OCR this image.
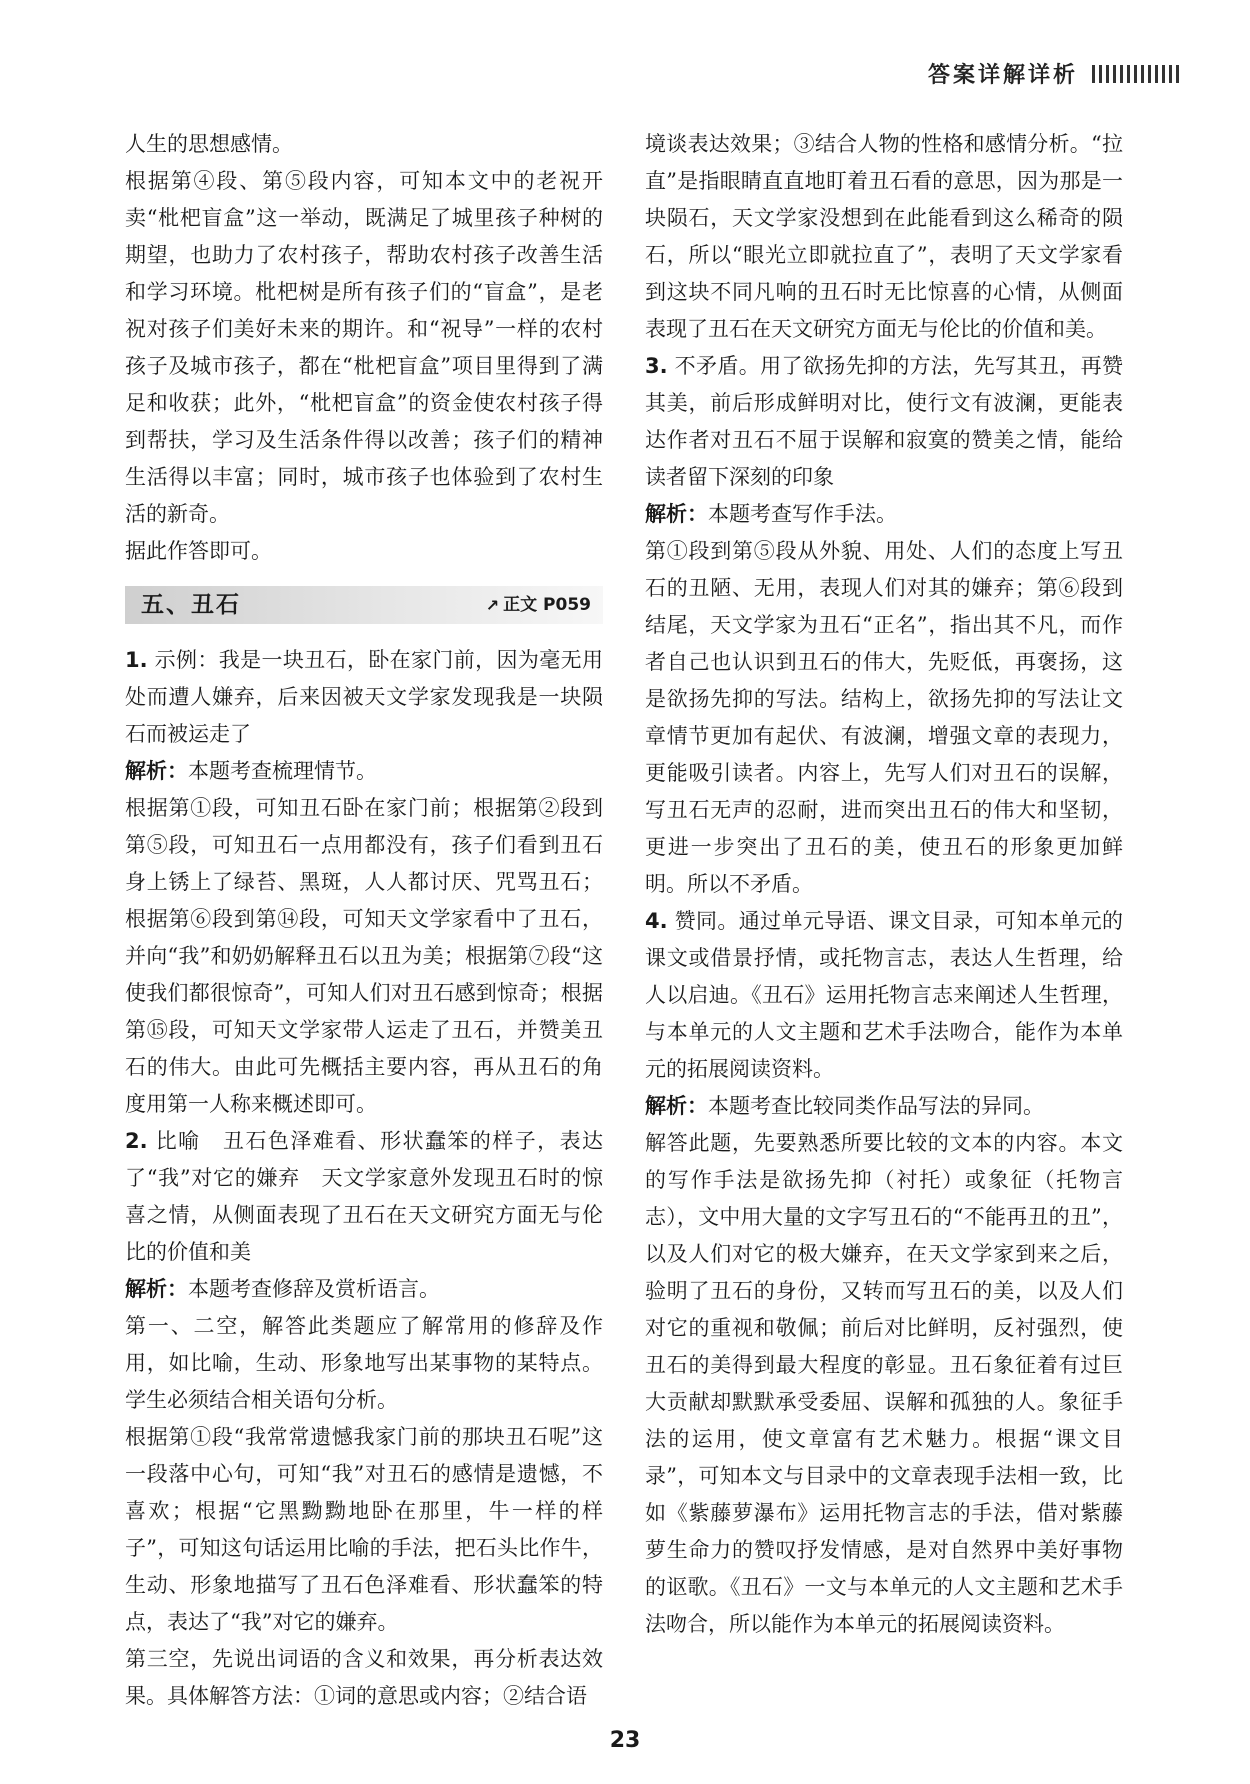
答案详解详析

人生的思想感情。

根据第④段、第⑤段内容，可知本文中的老祝开卖“枇杷盲盒”这一举动，既满足了城里孩子种树的期望，也助力了农村孩子，帮助农村孩子改善生活和学习环境。枇杷树是所有孩子们的“盲盒”，是老祝对孩子们美好未来的期许。和“祝导”一样的农村孩子及城市孩子，都在“枇杷盲盒”项目里得到了满足和收获；此外，“枇杷盲盒”的资金使农村孩子得到帮扶，学习及生活条件得以改善；孩子们的精神生活得以丰富；同时，城市孩子也体验到了农村生活的新奇。

据此作答即可。

五、丑石	↗ 正文 P059

1. 示例：我是一块丑石，卧在家门前，因为毫无用处而遭人嫌弃，后来因被天文学家发现我是一块陨石而被运走了

解析：本题考查梳理情节。

根据第①段，可知丑石卧在家门前；根据第②段到第⑤段，可知丑石一点用都没有，孩子们看到丑石身上锈上了绿苔、黑斑，人人都讨厌、咒骂丑石；根据第⑥段到第⑭段，可知天文学家看中了丑石，并向“我”和奶奶解释丑石以丑为美；根据第⑦段“这使我们都很惊奇”，可知人们对丑石感到惊奇；根据第⑮段，可知天文学家带人运走了丑石，并赞美丑石的伟大。由此可先概括主要内容，再从丑石的角度用第一人称来概述即可。

2. 比喻　丑石色泽难看、形状蠢笨的样子，表达了“我”对它的嫌弃　天文学家意外发现丑石时的惊喜之情，从侧面表现了丑石在天文研究方面无与伦比的价值和美

解析：本题考查修辞及赏析语言。

第一、二空，解答此类题应了解常用的修辞及作用，如比喻，生动、形象地写出某事物的某特点。学生必须结合相关语句分析。

根据第①段“我常常遗憾我家门前的那块丑石呢”这一段落中心句，可知“我”对丑石的感情是遗憾，不喜欢；根据“它黑黝黝地卧在那里，牛一样的样子”，可知这句话运用比喻的手法，把石头比作牛，生动、形象地描写了丑石色泽难看、形状蠢笨的特点，表达了“我”对它的嫌弃。

第三空，先说出词语的含义和效果，再分析表达效果。具体解答方法：①词的意思或内容；②结合语

境谈表达效果；③结合人物的性格和感情分析。“拉直”是指眼睛直直地盯着丑石看的意思，因为那是一块陨石，天文学家没想到在此能看到这么稀奇的陨石，所以“眼光立即就拉直了”，表明了天文学家看到这块不同凡响的丑石时无比惊喜的心情，从侧面表现了丑石在天文研究方面无与伦比的价值和美。

3. 不矛盾。用了欲扬先抑的方法，先写其丑，再赞其美，前后形成鲜明对比，使行文有波澜，更能表达作者对丑石不屈于误解和寂寞的赞美之情，能给读者留下深刻的印象

解析：本题考查写作手法。

第①段到第⑤段从外貌、用处、人们的态度上写丑石的丑陋、无用，表现人们对其的嫌弃；第⑥段到结尾，天文学家为丑石“正名”，指出其不凡，而作者自己也认识到丑石的伟大，先贬低，再褒扬，这是欲扬先抑的写法。结构上，欲扬先抑的写法让文章情节更加有起伏、有波澜，增强文章的表现力，更能吸引读者。内容上，先写人们对丑石的误解，写丑石无声的忍耐，进而突出丑石的伟大和坚韧，更进一步突出了丑石的美，使丑石的形象更加鲜明。所以不矛盾。

4. 赞同。通过单元导语、课文目录，可知本单元的课文或借景抒情，或托物言志，表达人生哲理，给人以启迪。《丑石》运用托物言志来阐述人生哲理，与本单元的人文主题和艺术手法吻合，能作为本单元的拓展阅读资料。

解析：本题考查比较同类作品写法的异同。

解答此题，先要熟悉所要比较的文本的内容。本文的写作手法是欲扬先抑（衬托）或象征（托物言志），文中用大量的文字写丑石的“不能再丑的丑”，以及人们对它的极大嫌弃，在天文学家到来之后，验明了丑石的身份，又转而写丑石的美，以及人们对它的重视和敬佩；前后对比鲜明，反衬强烈，使丑石的美得到最大程度的彰显。丑石象征着有过巨大贡献却默默承受委屈、误解和孤独的人。象征手法的运用，使文章富有艺术魅力。根据“课文目录”，可知本文与目录中的文章表现手法相一致，比如《紫藤萝瀑布》运用托物言志的手法，借对紫藤萝生命力的赞叹抒发情感，是对自然界中美好事物的讴歌。《丑石》一文与本单元的人文主题和艺术手法吻合，所以能作为本单元的拓展阅读资料。

23
